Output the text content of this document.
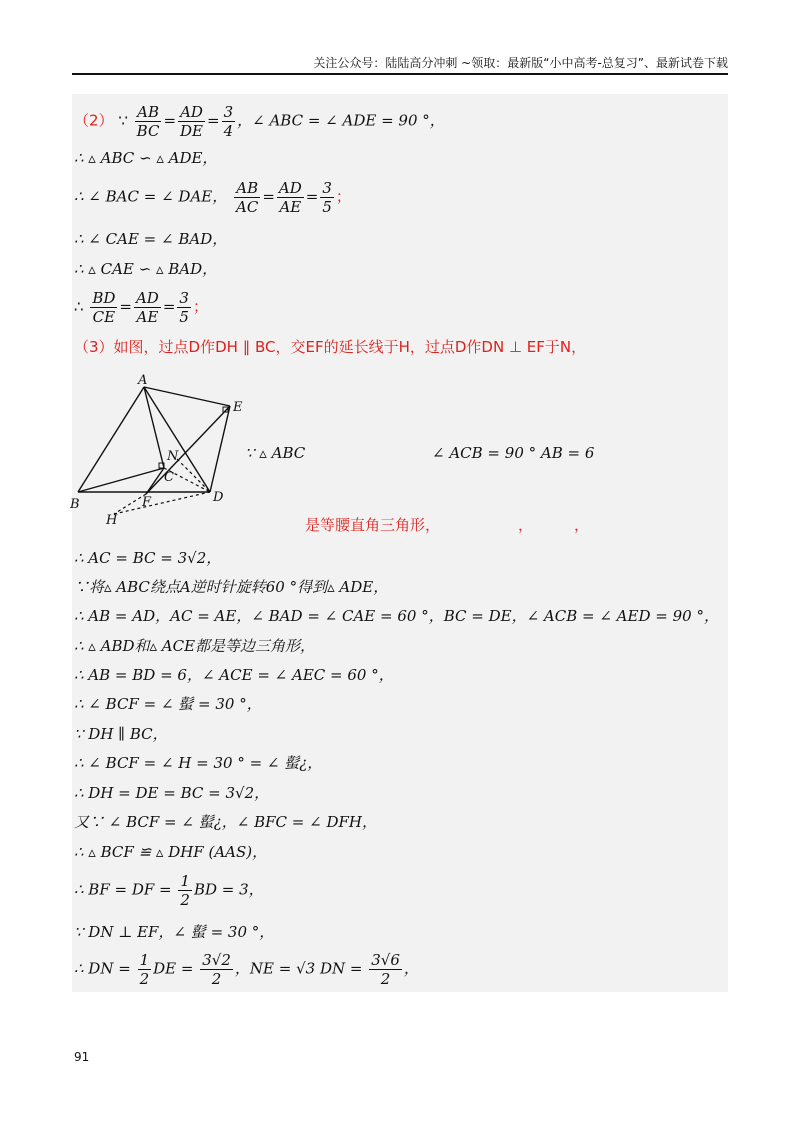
关注公众号：陆陆高分冲刺 ~领取：最新版“小中高考-总复习”、最新试卷下载
（2） ∵ $\frac{AB}{BC} = \frac{AD}{DE} = \frac{3}{4}$ ，∠ ABC = ∠ ADE = 90 °，
∴ ▵ ABC ∽ ▵ ADE，
∴ ∠ BAC = ∠ DAE， $\frac{AB}{AC} = \frac{AD}{AE} = \frac{3}{5}$ ；
∴ ∠ CAE = ∠ BAD，
∴ ▵ CAE ∽ ▵ BAD，
∴ $\frac{BD}{CE} = \frac{AD}{AE} = \frac{3}{5}$ ；
（3）如图，过点D作DH ∥ BC，交EF的延长线于H，过点D作DN ⊥ EF于N，
A
B
C
D
E
F
H
N	∵ ▵ ABC	∠ ACB = 90 ° AB = 6
是等腰直角三角形，	，	，
∴ AC = BC = 3√2，
∵将▵ ABC绕点A逆时针旋转60 °得到▵ ADE，
∴ AB = AD，AC = AE，∠ BAD = ∠ CAE = 60 °，BC = DE，∠ ACB = ∠ AED = 90 °，
∴ ▵ ABD和▵ ACE都是等边三角形，
∴ AB = BD = 6，∠ ACE = ∠ AEC = 60 °，
∴ ∠ BCF = ∠ 蟚 = 30 °，
∵ DH ∥ BC，
∴ ∠ BCF = ∠ H = 30 ° = ∠ 蟚¿，
∴ DH = DE = BC = 3√2，
又∵ ∠ BCF = ∠ 蟚¿，∠ BFC = ∠ DFH，
∴ ▵ BCF ≌ ▵ DHF (AAS)，
∴ BF = DF = $\frac{1}{2}$ BD = 3，
∵ DN ⊥ EF，∠ 蟚 = 30 °，
∴ DN = $\frac{1}{2}$ DE = $\frac{3√2}{2}$ ，NE = √3 DN = $\frac{3√6}{2}$ ，
91
